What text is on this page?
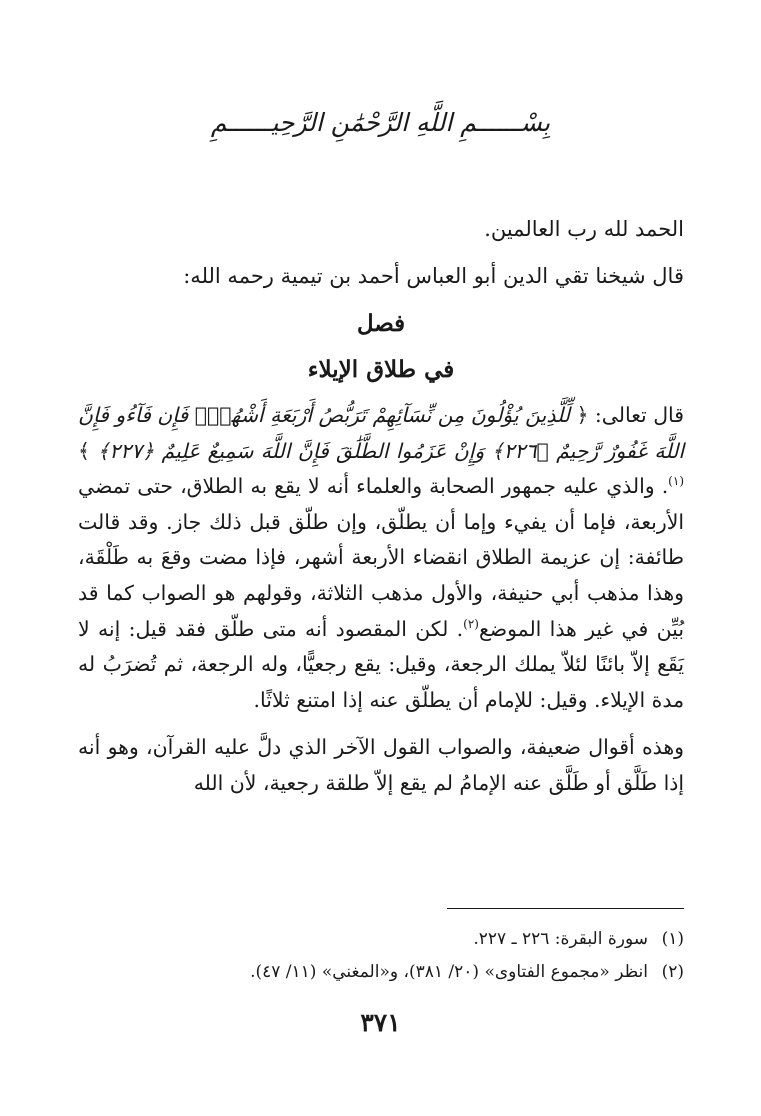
بِسْــــــمِ اللَّهِ الرَّحْمَٰنِ الرَّحِيــــــمِ

الحمد لله رب العالمين.

قال شيخنا تقي الدين أبو العباس أحمد بن تيمية رحمه الله:

فصل
في طلاق الإيلاء

قال تعالى: ﴿ لِّلَّذِينَ يُؤْلُونَ مِن نِّسَآئِهِمْ تَرَبُّصُ أَرْبَعَةِ أَشْهُرٍۖ فَإِن فَآءُو فَإِنَّ اللَّهَ غَفُورٌ رَّحِيمٌ ﴿٢٢٦﴾ وَإِنْ عَزَمُوا الطَّلَٰقَ فَإِنَّ اللَّهَ سَمِيعٌ عَلِيمٌ ﴿٢٢٧﴾ ﴾$^{(١)}$. والذي عليه جمهور الصحابة والعلماء أنه لا يقع به الطلاق، حتى تمضي الأربعة، فإما أن يفيء وإما أن يطلّق، وإن طلّق قبل ذلك جاز. وقد قالت طائفة: إن عزيمة الطلاق انقضاء الأربعة أشهر، فإذا مضت وقعَ به طَلْقَة، وهذا مذهب أبي حنيفة، والأول مذهب الثلاثة، وقولهم هو الصواب كما قد بُيِّن في غير هذا الموضع$^{(٢)}$. لكن المقصود أنه متى طلّق فقد قيل: إنه لا يَقَع إلاّ بائنًا لئلاّ يملك الرجعة، وقيل: يقع رجعيًّا، وله الرجعة، ثم تُضرَبُ له مدة الإيلاء. وقيل: للإمام أن يطلّق عنه إذا امتنع ثلاثًا.

وهذه أقوال ضعيفة، والصواب القول الآخر الذي دلَّ عليه القرآن، وهو أنه إذا طَلَّق أو طَلَّق عنه الإمامُ لم يقع إلاّ طلقة رجعية، لأن الله

(١)سورة البقرة: ٢٢٦ ـ ٢٢٧.
(٢)انظر «مجموع الفتاوى» (٢٠/ ٣٨١)، و«المغني» (١١/ ٤٧).
٣٧١
